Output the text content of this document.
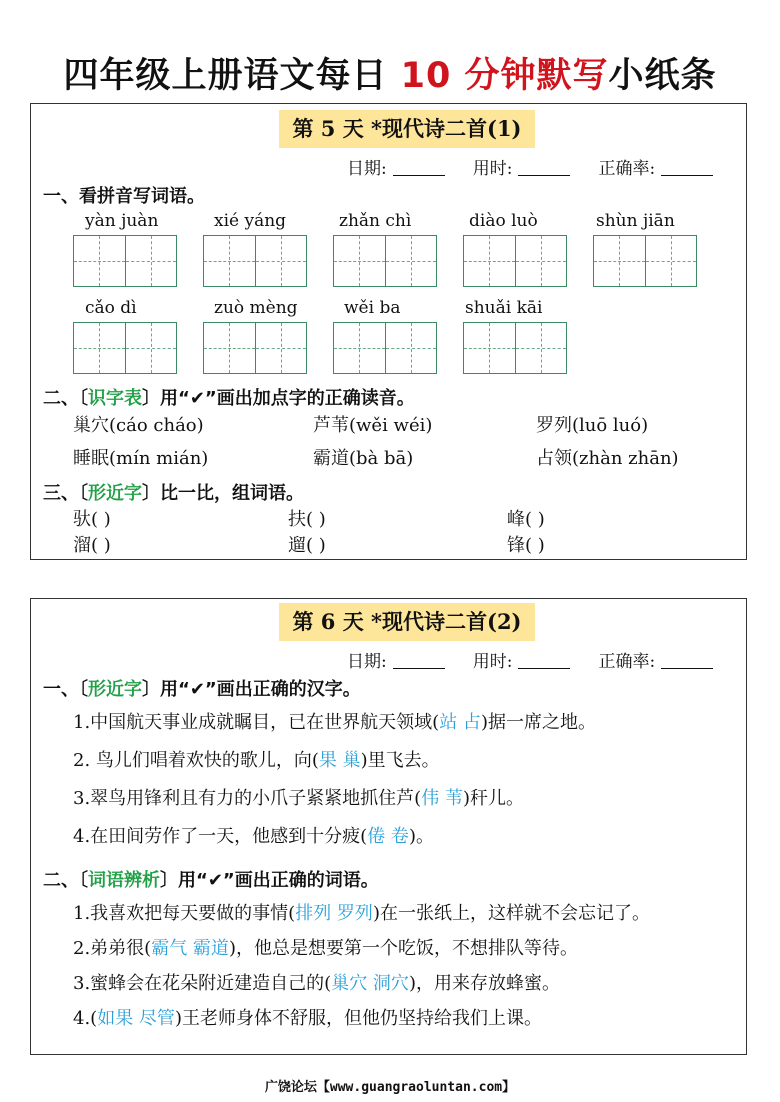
四年级上册语文每日 10 分钟默写小纸条
第 5 天 *现代诗二首(1)
日期:	用时:	正确率:
一、看拼音写词语。
yàn juàn	xié yáng	zhǎn chì	diào luò	shùn jiān
cǎo dì	zuò mèng	wěi ba	shuǎi kāi
二、〔识字表〕用“✔”画出加点字的正确读音。
巢穴(cáo cháo)	芦苇(wěi wéi)	罗列(luō luó)
睡眠(mín mián)	霸道(bà bā)	占领(zhàn zhān)
三、〔形近字〕比一比，组词语。
驮( )	扶( )	峰( )
溜( )	遛( )	锋( )
第 6 天 *现代诗二首(2)
日期:	用时:	正确率:
一、〔形近字〕用“✔”画出正确的汉字。
1.中国航天事业成就瞩目，已在世界航天领域(站 占)据一席之地。
2. 鸟儿们唱着欢快的歌儿，向(果 巢)里飞去。
3.翠鸟用锋利且有力的小爪子紧紧地抓住芦(伟 苇)秆儿。
4.在田间劳作了一天，他感到十分疲(倦 卷)。
二、〔词语辨析〕用“✔”画出正确的词语。
1.我喜欢把每天要做的事情(排列 罗列)在一张纸上，这样就不会忘记了。
2.弟弟很(霸气 霸道)，他总是想要第一个吃饭，不想排队等待。
3.蜜蜂会在花朵附近建造自己的(巢穴 洞穴)，用来存放蜂蜜。
4.(如果 尽管)王老师身体不舒服，但他仍坚持给我们上课。
广饶论坛【www.guangraoluntan.com】
